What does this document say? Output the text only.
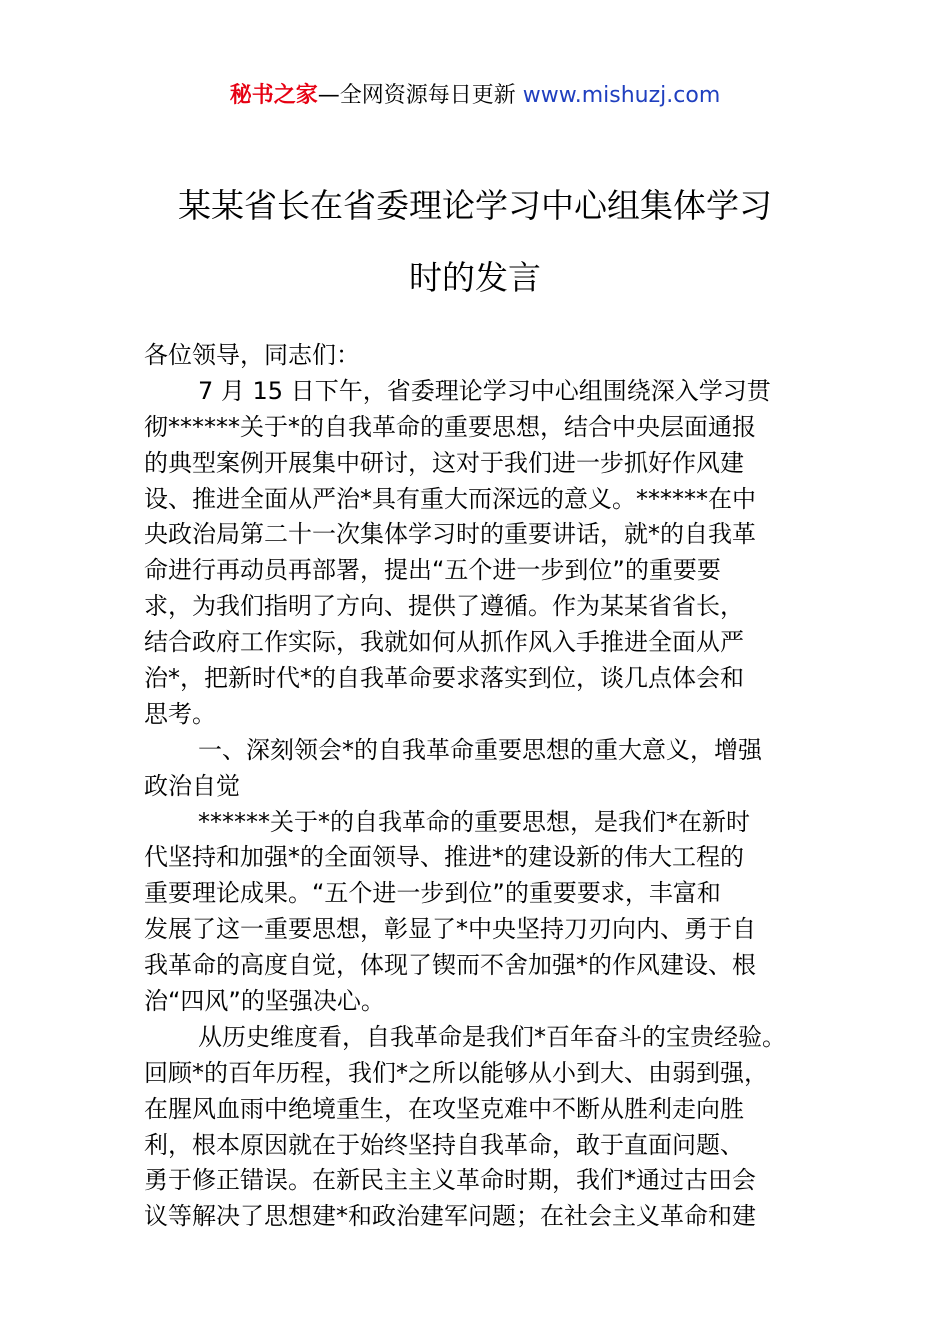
秘书之家—全网资源每日更新 www.mishuzj.com
某某省长在省委理论学习中心组集体学习
时的发言
各位领导，同志们：
7 月 15 日下午，省委理论学习中心组围绕深入学习贯
彻******关于*的自我革命的重要思想，结合中央层面通报
的典型案例开展集中研讨，这对于我们进一步抓好作风建
设、推进全面从严治*具有重大而深远的意义。******在中
央政治局第二十一次集体学习时的重要讲话，就*的自我革
命进行再动员再部署，提出“五个进一步到位”的重要要
求，为我们指明了方向、提供了遵循。作为某某省省长，
结合政府工作实际，我就如何从抓作风入手推进全面从严
治*，把新时代*的自我革命要求落实到位，谈几点体会和
思考。
一、深刻领会*的自我革命重要思想的重大意义，增强
政治自觉
******关于*的自我革命的重要思想，是我们*在新时
代坚持和加强*的全面领导、推进*的建设新的伟大工程的
重要理论成果。“五个进一步到位”的重要要求，丰富和
发展了这一重要思想，彰显了*中央坚持刀刃向内、勇于自
我革命的高度自觉，体现了锲而不舍加强*的作风建设、根
治“四风”的坚强决心。
从历史维度看，自我革命是我们*百年奋斗的宝贵经验。
回顾*的百年历程，我们*之所以能够从小到大、由弱到强，
在腥风血雨中绝境重生，在攻坚克难中不断从胜利走向胜
利，根本原因就在于始终坚持自我革命，敢于直面问题、
勇于修正错误。在新民主主义革命时期，我们*通过古田会
议等解决了思想建*和政治建军问题；在社会主义革命和建
